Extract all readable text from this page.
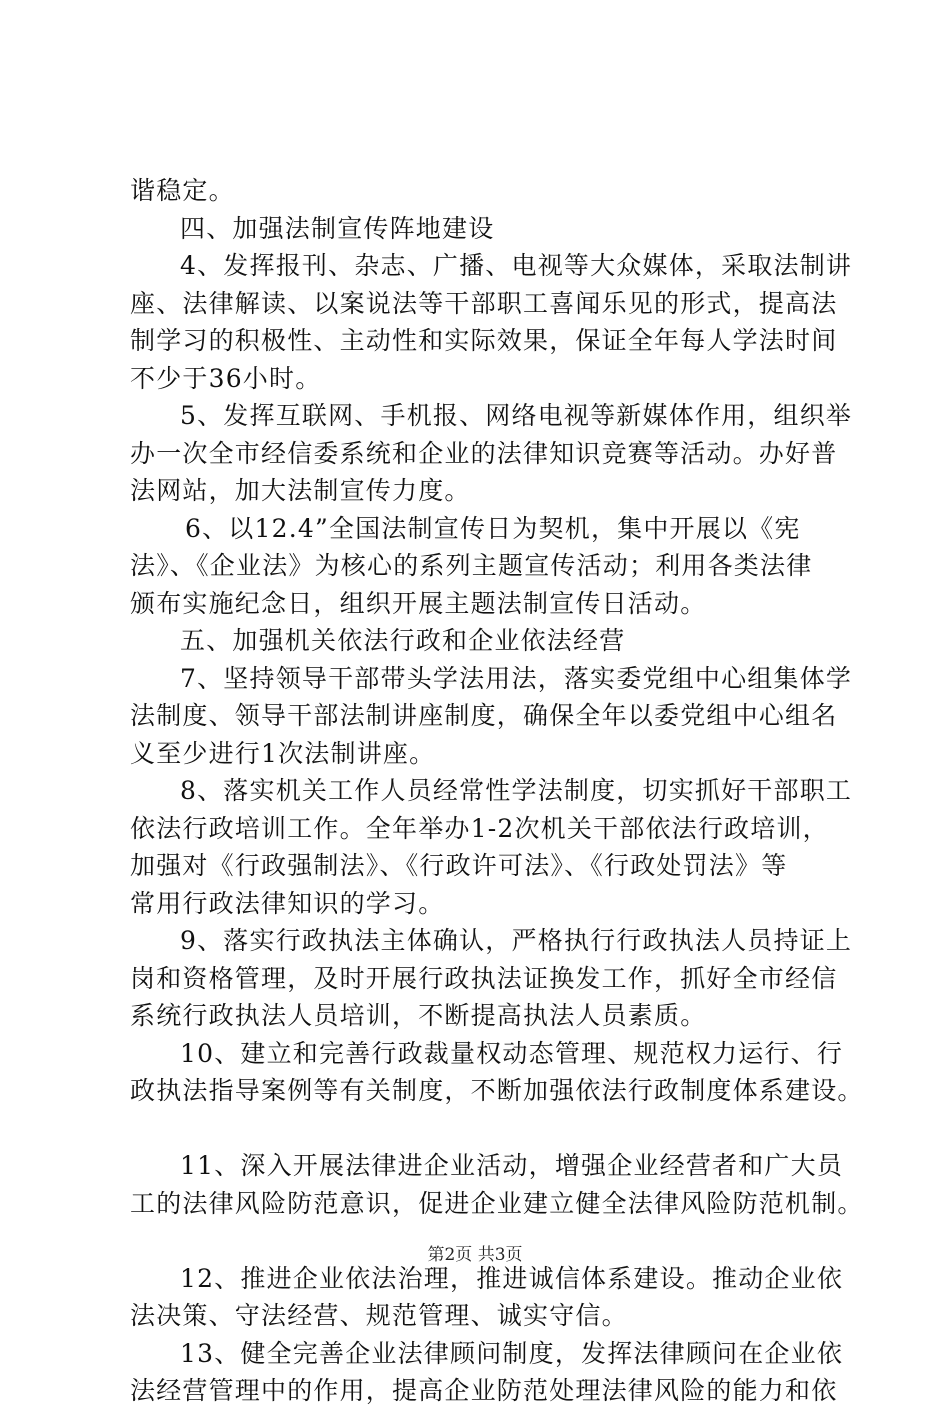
谐稳定。
四、加强法制宣传阵地建设
4、发挥报刊、杂志、广播、电视等大众媒体，采取法制讲
座、法律解读、以案说法等干部职工喜闻乐见的形式，提高法
制学习的积极性、主动性和实际效果，保证全年每人学法时间
不少于36小时。
5、发挥互联网、手机报、网络电视等新媒体作用，组织举
办一次全市经信委系统和企业的法律知识竞赛等活动。办好普
法网站，加大法制宣传力度。
6、以12.4”全国法制宣传日为契机，集中开展以《宪
法》、《企业法》为核心的系列主题宣传活动；利用各类法律
颁布实施纪念日，组织开展主题法制宣传日活动。
五、加强机关依法行政和企业依法经营
7、坚持领导干部带头学法用法，落实委党组中心组集体学
法制度、领导干部法制讲座制度，确保全年以委党组中心组名
义至少进行1次法制讲座。
8、落实机关工作人员经常性学法制度，切实抓好干部职工
依法行政培训工作。全年举办1-2次机关干部依法行政培训，
加强对《行政强制法》、《行政许可法》、《行政处罚法》等
常用行政法律知识的学习。
9、落实行政执法主体确认，严格执行行政执法人员持证上
岗和资格管理，及时开展行政执法证换发工作，抓好全市经信
系统行政执法人员培训，不断提高执法人员素质。
10、建立和完善行政裁量权动态管理、规范权力运行、行
政执法指导案例等有关制度，不断加强依法行政制度体系建设。
11、深入开展法律进企业活动，增强企业经营者和广大员
工的法律风险防范意识，促进企业建立健全法律风险防范机制。
12、推进企业依法治理，推进诚信体系建设。推动企业依
法决策、守法经营、规范管理、诚实守信。
13、健全完善企业法律顾问制度，发挥法律顾问在企业依
法经营管理中的作用，提高企业防范处理法律风险的能力和依
第2页 共3页
